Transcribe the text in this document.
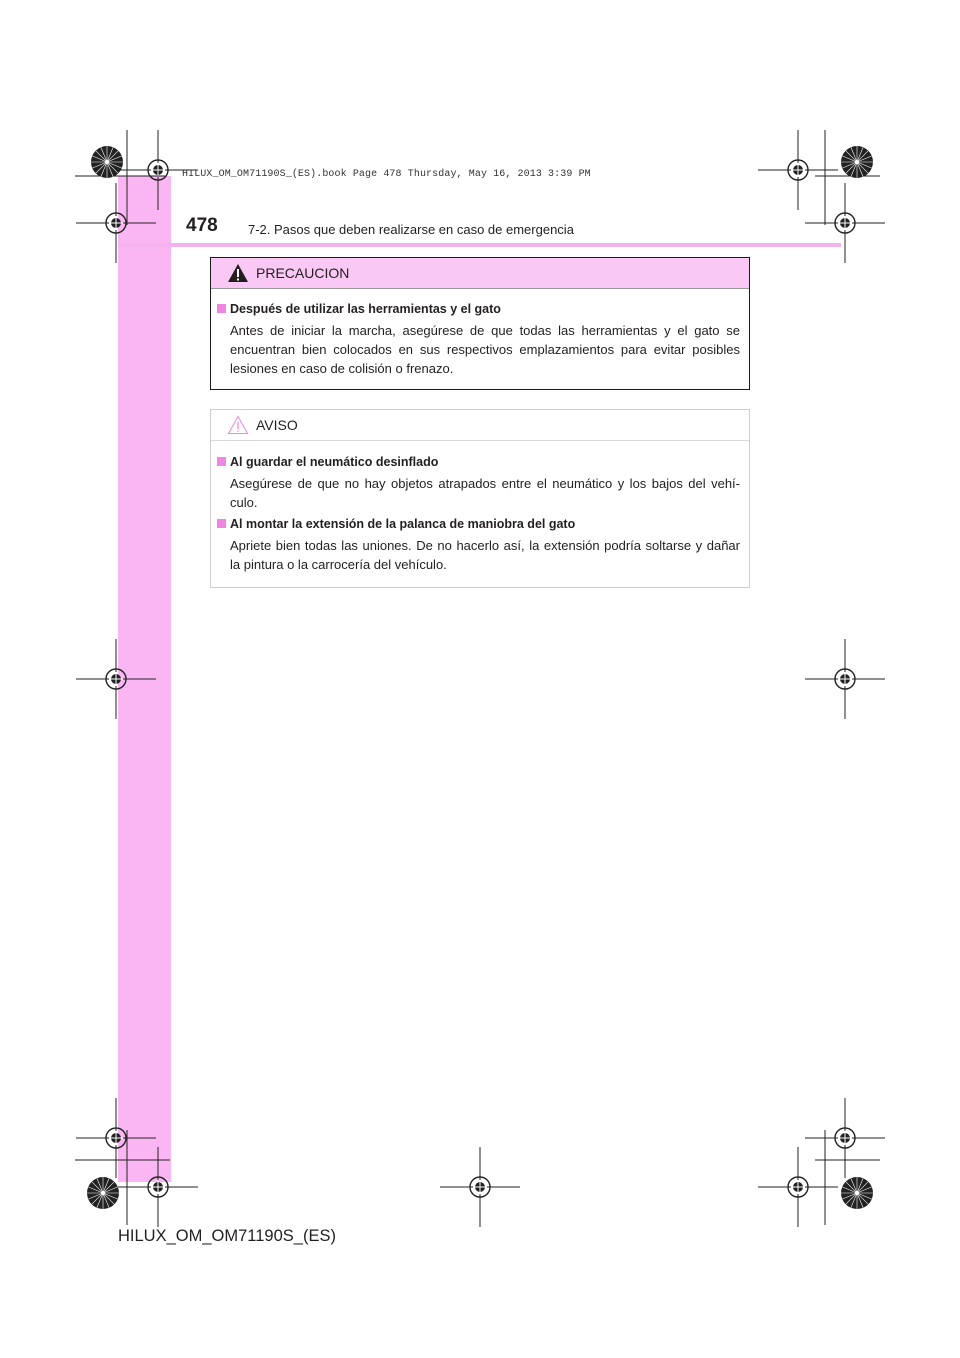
478 7-2. Pasos que deben realizarse en caso de emergencia
HILUX_OM_OM71190S_(ES).book Page 478 Thursday, May 16, 2013 3:39 PM
PRECAUCION
Después de utilizar las herramientas y el gato
Antes de iniciar la marcha, asegúrese de que todas las herramientas y el gato se encuentran bien colocados en sus respectivos emplazamientos para evitar posibles lesiones en caso de colisión o frenazo.
AVISO
Al guardar el neumático desinflado
Asegúrese de que no hay objetos atrapados entre el neumático y los bajos del vehí-culo.
Al montar la extensión de la palanca de maniobra del gato
Apriete bien todas las uniones. De no hacerlo así, la extensión podría soltarse y dañar la pintura o la carrocería del vehículo.
HILUX_OM_OM71190S_(ES)
